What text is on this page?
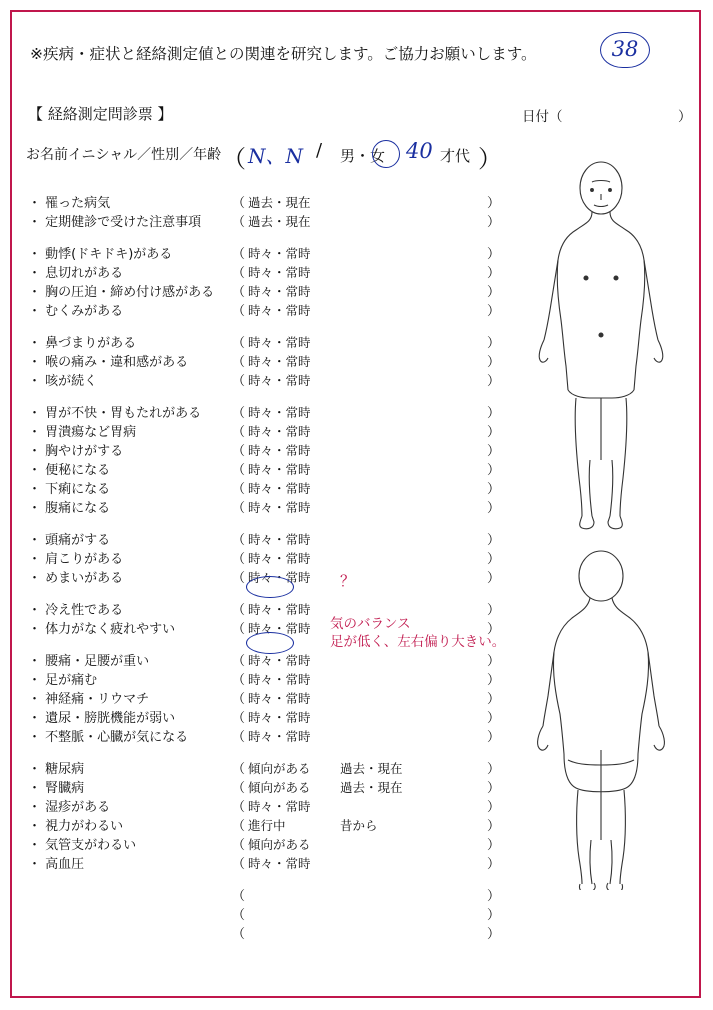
※疾病・症状と経絡測定値との関連を研究します。ご協力お願いします。	38
【 経絡測定問診票 】	日付（	）
お名前イニシャル／性別／年齢 （ N、N / 男・女 40 才代 ）
・ 罹った病気	（ 過去・現在	）
・ 定期健診で受けた注意事項 （ 過去・現在	）
・ 動悸(ドキドキ)がある	（ 時々・常時	）
・ 息切れがある	（ 時々・常時	）
・ 胸の圧迫・締め付け感がある （ 時々・常時	）
・ むくみがある	（ 時々・常時	）
・ 鼻づまりがある	（ 時々・常時	）
・ 喉の痛み・違和感がある	（ 時々・常時	）
・ 咳が続く	（ 時々・常時	）
・ 胃が不快・胃もたれがある （ 時々・常時	）
・ 胃潰瘍など胃病	（ 時々・常時	）
・ 胸やけがする	（ 時々・常時	）
・ 便秘になる	（ 時々・常時	）
・ 下痢になる	（ 時々・常時	）
・ 腹痛になる	（ 時々・常時	）
・ 頭痛がする	（ 時々・常時	）
・ 肩こりがある	（ 時々・常時	）
・ めまいがある	（ 時々・常時	）
・ 冷え性である	（ 時々・常時	）
・ 体力がなく疲れやすい	（ 時々・常時	）
・ 腰痛・足腰が重い	（ 時々・常時	）
・ 足が痛む	（ 時々・常時	）
・ 神経痛・リウマチ	（ 時々・常時	）
・ 遺尿・膀胱機能が弱い	（ 時々・常時	）
・ 不整脈・心臓が気になる	（ 時々・常時	）
・ 糖尿病	（ 傾向がある 過去・現在	）
・ 腎臓病	（ 傾向がある 過去・現在	）
・ 湿疹がある	（ 時々・常時	）
・ 視力がわるい	（ 進行中	昔から	）
・ 気管支がわるい	（ 傾向がある	）
・ 高血圧	（ 時々・常時	）
（	）
（	）
（	）
？
気のバランス
足が低く、左右偏り大きい。
